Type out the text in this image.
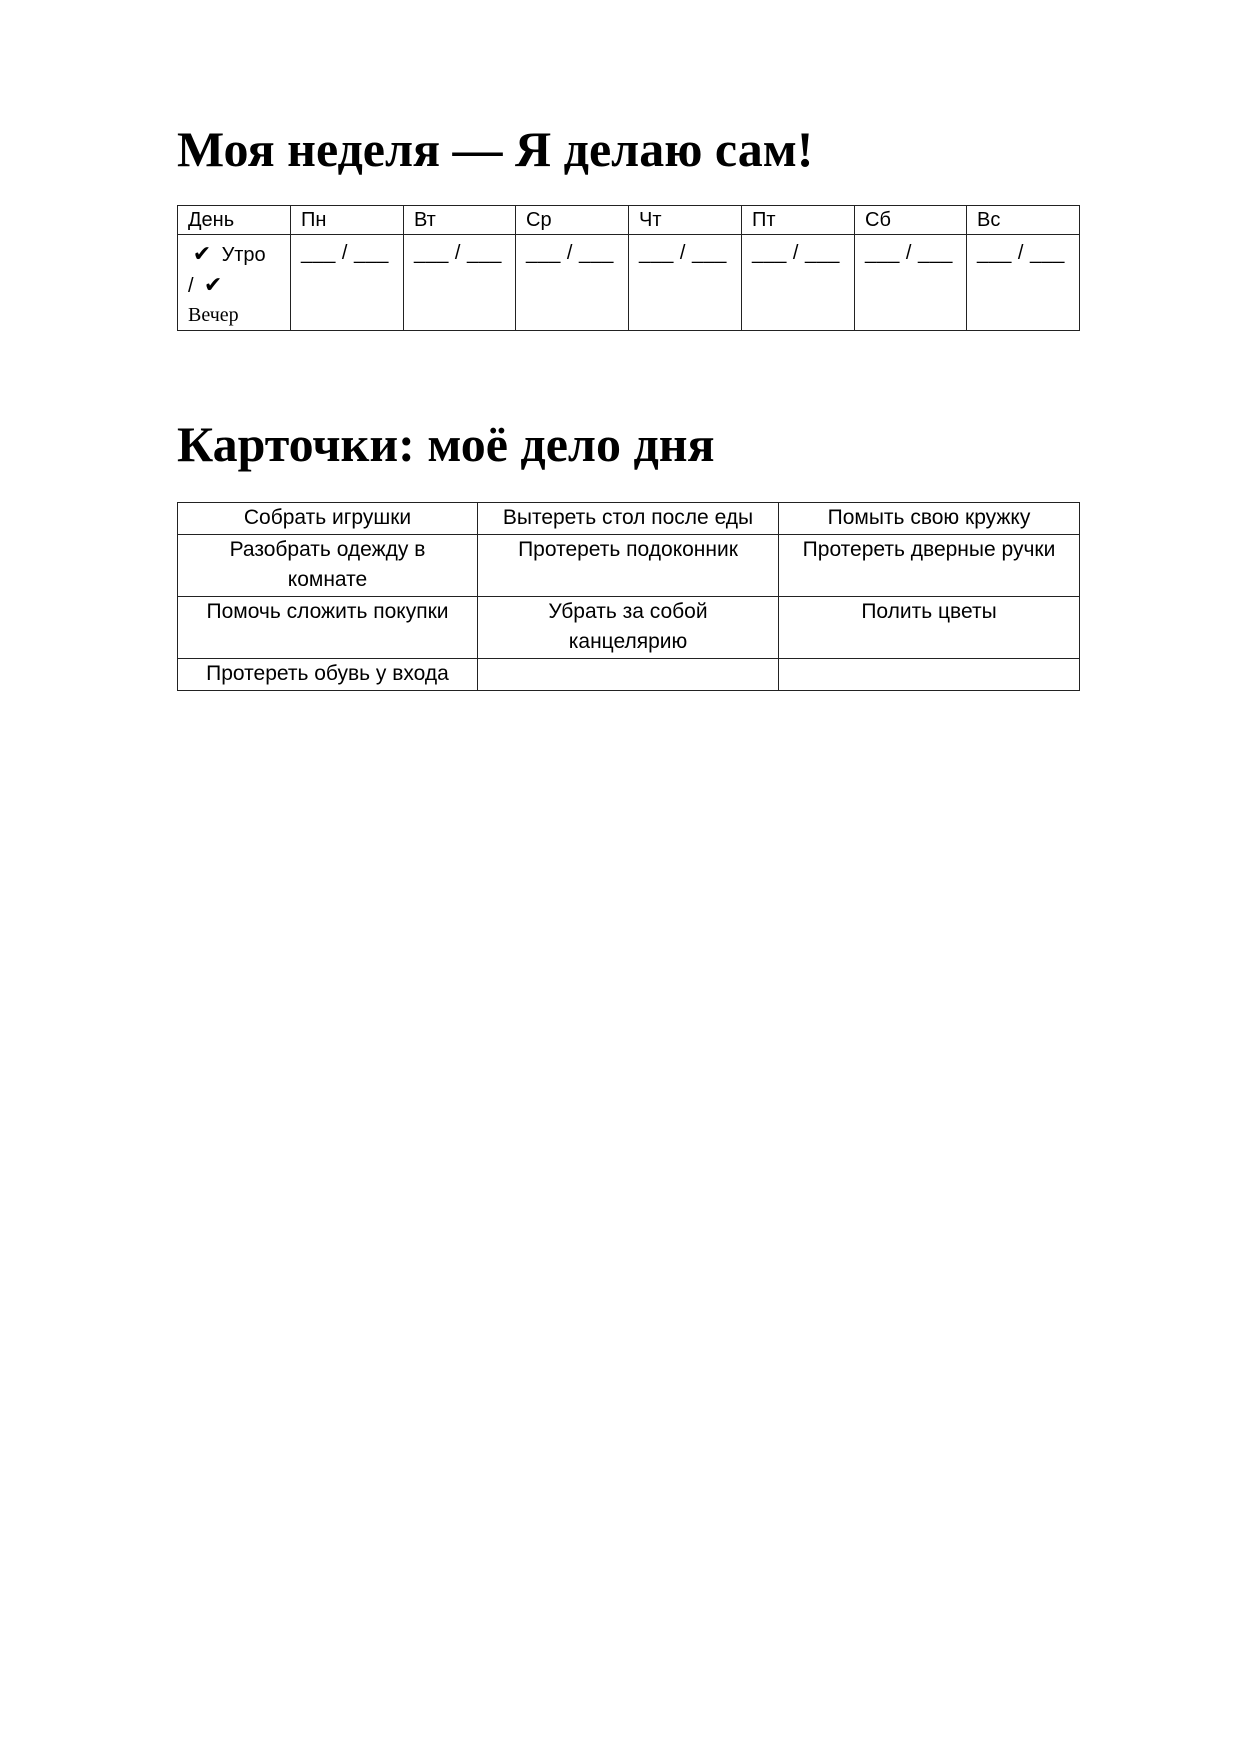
Моя неделя — Я делаю сам!
День	Пн	Вт	Ср	Чт	Пт	Сб	Вс
✔ Утро
/ ✔
Вечер	___ / ___	___ / ___	___ / ___	___ / ___	___ / ___	___ / ___	___ / ___
Карточки: моё дело дня
Собрать игрушки	Вытереть стол после еды	Помыть свою кружку
Разобрать одежду в комнате	Протереть подоконник	Протереть дверные ручки
Помочь сложить покупки	Убрать за собой канцелярию	Полить цветы
Протереть обувь у входа		
